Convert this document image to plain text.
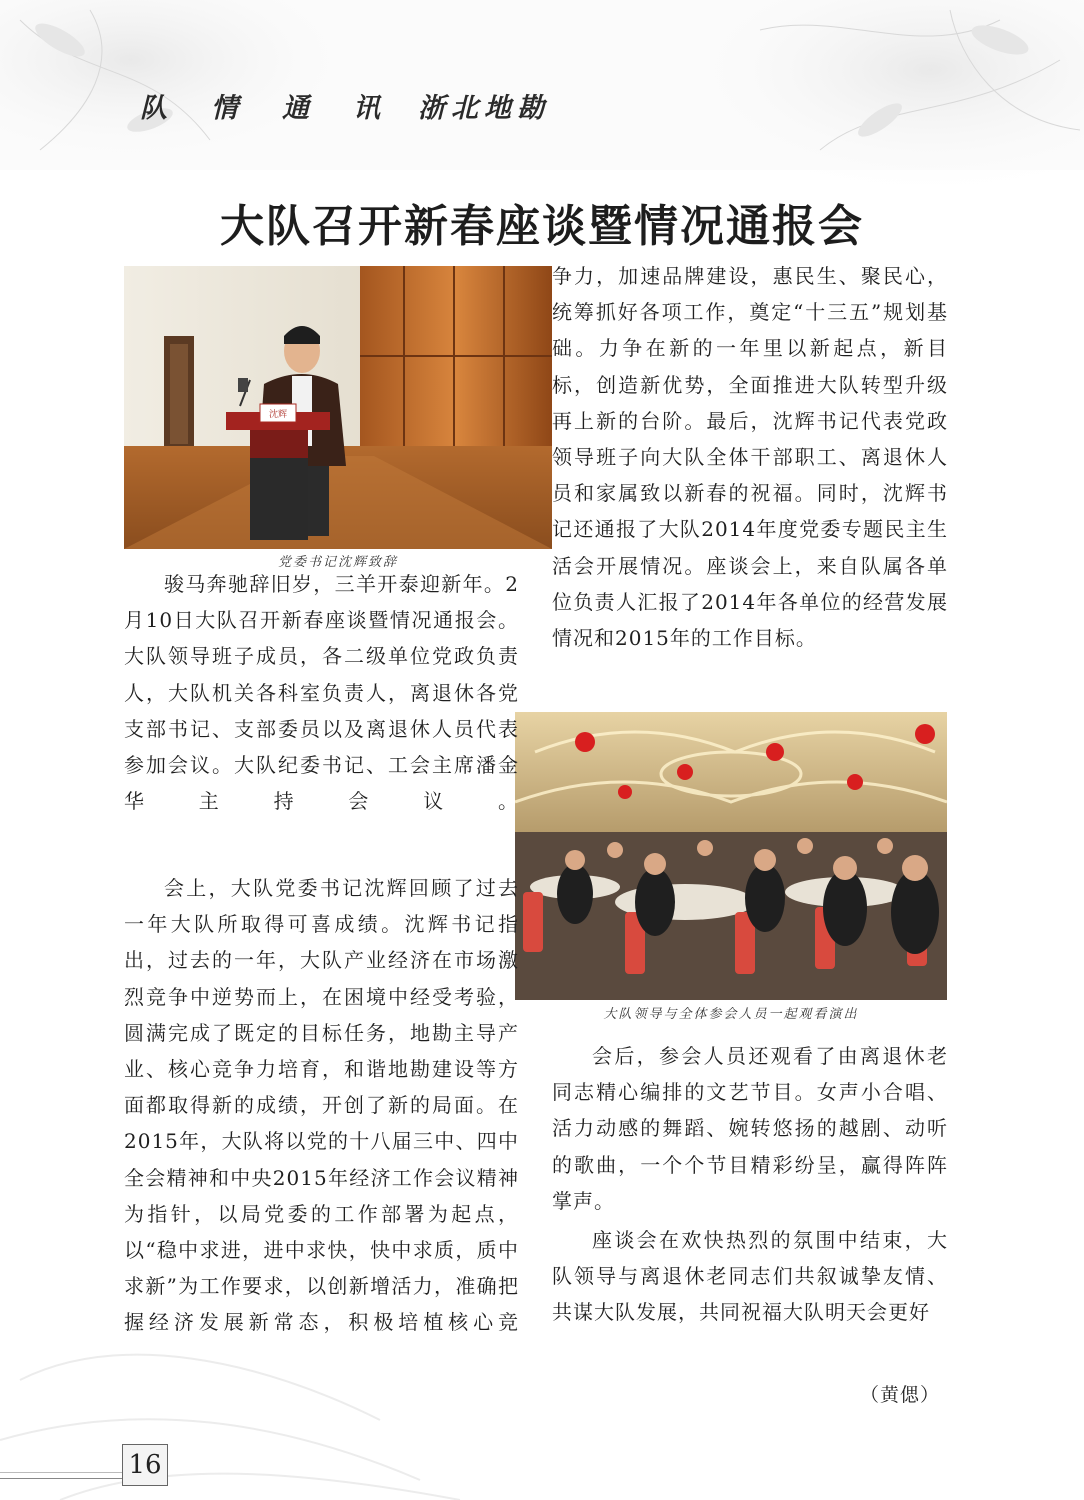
队情通讯浙北地勘
大队召开新春座谈暨情况通报会
沈辉
党委书记沈辉致辞
大队领导与全体参会人员一起观看演出
骏马奔驰辞旧岁，三羊开泰迎新年。2月10日大队召开新春座谈暨情况通报会。大队领导班子成员，各二级单位党政负责人，大队机关各科室负责人，离退休各党支部书记、支部委员以及离退休人员代表参加会议。大队纪委书记、工会主席潘金华主持会议。
会上，大队党委书记沈辉回顾了过去一年大队所取得可喜成绩。沈辉书记指出，过去的一年，大队产业经济在市场激烈竞争中逆势而上，在困境中经受考验，圆满完成了既定的目标任务，地勘主导产业、核心竞争力培育，和谐地勘建设等方面都取得新的成绩，开创了新的局面。在2015年，大队将以党的十八届三中、四中全会精神和中央2015年经济工作会议精神为指针，以局党委的工作部署为起点，以“稳中求进，进中求快，快中求质，质中求新”为工作要求，以创新增活力，准确把握经济发展新常态，积极培植核心竞
争力，加速品牌建设，惠民生、聚民心，统筹抓好各项工作，奠定“十三五”规划基础。力争在新的一年里以新起点，新目标，创造新优势，全面推进大队转型升级再上新的台阶。最后，沈辉书记代表党政领导班子向大队全体干部职工、离退休人员和家属致以新春的祝福。同时，沈辉书记还通报了大队2014年度党委专题民主生活会开展情况。座谈会上，来自队属各单位负责人汇报了2014年各单位的经营发展情况和2015年的工作目标。
会后，参会人员还观看了由离退休老同志精心编排的文艺节目。女声小合唱、活力动感的舞蹈、婉转悠扬的越剧、动听的歌曲，一个个节目精彩纷呈，赢得阵阵掌声。
座谈会在欢快热烈的氛围中结束，大队领导与离退休老同志们共叙诚挚友情、共谋大队发展，共同祝福大队明天会更好
（黄偲）
16
